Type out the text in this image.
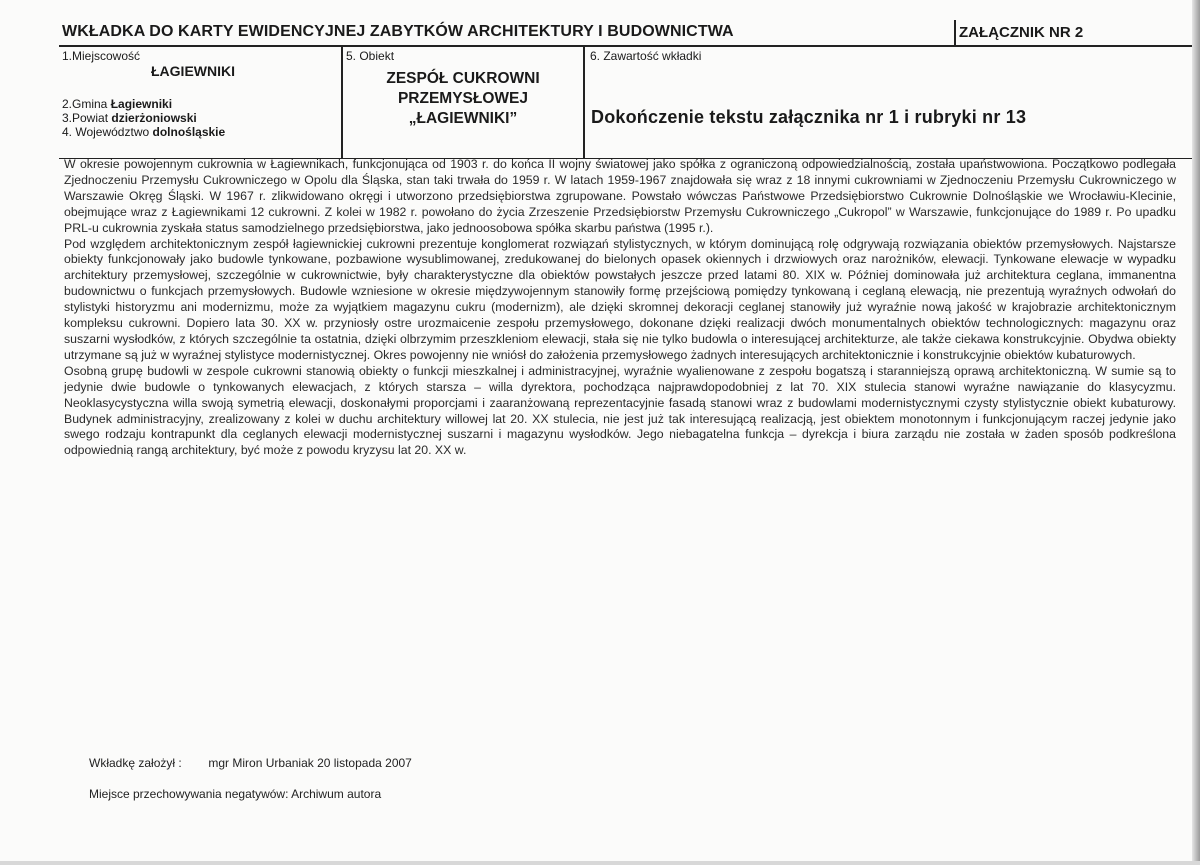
WKŁADKA DO KARTY EWIDENCYJNEJ ZABYTKÓW ARCHITEKTURY I BUDOWNICTWA	ZAŁĄCZNIK NR 2
1.Miejscowość
ŁAGIEWNIKI
2.Gmina Łagiewniki
3.Powiat dzierżoniowski
4. Województwo dolnośląskie
5. Obiekt
ZESPÓŁ CUKROWNI
PRZEMYSŁOWEJ
„ŁAGIEWNIKI”
6. Zawartość wkładki
Dokończenie tekstu załącznika nr 1 i rubryki nr 13

W okresie powojennym cukrownia w Łagiewnikach, funkcjonująca od 1903 r. do końca II wojny światowej jako spółka z ograniczoną odpowiedzialnością, została upaństwowiona. Początkowo podlegała Zjednoczeniu Przemysłu Cukrowniczego w Opolu dla Śląska, stan taki trwała do 1959 r. W latach 1959-1967 znajdowała się wraz z 18 innymi cukrowniami w Zjednoczeniu Przemysłu Cukrowniczego w Warszawie Okręg Śląski. W 1967 r. zlikwidowano okręgi i utworzono przedsiębiorstwa zgrupowane. Powstało wówczas Państwowe Przedsiębiorstwo Cukrownie Dolnośląskie we Wrocławiu-Klecinie, obejmujące wraz z Łagiewnikami 12 cukrowni. Z kolei w 1982 r. powołano do życia Zrzeszenie Przedsiębiorstw Przemysłu Cukrowniczego „Cukropol” w Warszawie, funkcjonujące do 1989 r. Po upadku PRL-u cukrownia zyskała status samodzielnego przedsiębiorstwa, jako jednoosobowa spółka skarbu państwa (1995 r.).

Pod względem architektonicznym zespół łagiewnickiej cukrowni prezentuje konglomerat rozwiązań stylistycznych, w którym dominującą rolę odgrywają rozwiązania obiektów przemysłowych. Najstarsze obiekty funkcjonowały jako budowle tynkowane, pozbawione wysublimowanej, zredukowanej do bielonych opasek okiennych i drzwiowych oraz narożników, elewacji. Tynkowane elewacje w wypadku architektury przemysłowej, szczególnie w cukrownictwie, były charakterystyczne dla obiektów powstałych jeszcze przed latami 80. XIX w. Później dominowała już architektura ceglana, immanentna budownictwu o funkcjach przemysłowych. Budowle wzniesione w okresie międzywojennym stanowiły formę przejściową pomiędzy tynkowaną i ceglaną elewacją, nie prezentują wyraźnych odwołań do stylistyki historyzmu ani modernizmu, może za wyjątkiem magazynu cukru (modernizm), ale dzięki skromnej dekoracji ceglanej stanowiły już wyraźnie nową jakość w krajobrazie architektonicznym kompleksu cukrowni. Dopiero lata 30. XX w. przyniosły ostre urozmaicenie zespołu przemysłowego, dokonane dzięki realizacji dwóch monumentalnych obiektów technologicznych: magazynu oraz suszarni wysłodków, z których szczególnie ta ostatnia, dzięki olbrzymim przeszkleniom elewacji, stała się nie tylko budowla o interesującej architekturze, ale także ciekawa konstrukcyjnie. Obydwa obiekty utrzymane są już w wyraźnej stylistyce modernistycznej. Okres powojenny nie wniósł do założenia przemysłowego żadnych interesujących architektonicznie i konstrukcyjnie obiektów kubaturowych.

Osobną grupę budowli w zespole cukrowni stanowią obiekty o funkcji mieszkalnej i administracyjnej, wyraźnie wyalienowane z zespołu bogatszą i staranniejszą oprawą architektoniczną. W sumie są to jedynie dwie budowle o tynkowanych elewacjach, z których starsza – willa dyrektora, pochodząca najprawdopodobniej z lat 70. XIX stulecia stanowi wyraźne nawiązanie do klasycyzmu. Neoklasycystyczna willa swoją symetrią elewacji, doskonałymi proporcjami i zaaranżowaną reprezentacyjnie fasadą stanowi wraz z budowlami modernistycznymi czysty stylistycznie obiekt kubaturowy. Budynek administracyjny, zrealizowany z kolei w duchu architektury willowej lat 20. XX stulecia, nie jest już tak interesującą realizacją, jest obiektem monotonnym i funkcjonującym raczej jedynie jako swego rodzaju kontrapunkt dla ceglanych elewacji modernistycznej suszarni i magazynu wysłodków. Jego niebagatelna funkcja – dyrekcja i biura zarządu nie została w żaden sposób podkreślona odpowiednią rangą architektury, być może z powodu kryzysu lat 20. XX w.

Wkładkę założył : mgr Miron Urbaniak 20 listopada 2007
Miejsce przechowywania negatywów: Archiwum autora
